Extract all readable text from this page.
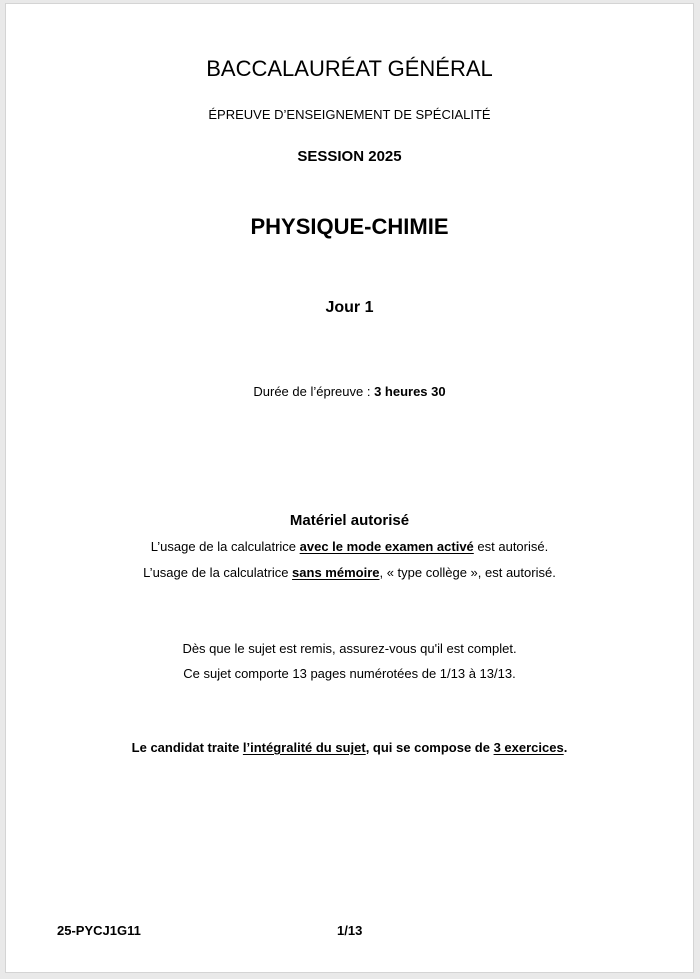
BACCALAURÉAT GÉNÉRAL
ÉPREUVE D’ENSEIGNEMENT DE SPÉCIALITÉ
SESSION 2025
PHYSIQUE-CHIMIE
Jour 1
Durée de l’épreuve : 3 heures 30
Matériel autorisé
L’usage de la calculatrice avec le mode examen activé est autorisé.
L’usage de la calculatrice sans mémoire, « type collège », est autorisé.
Dès que le sujet est remis, assurez-vous qu'il est complet.
Ce sujet comporte 13 pages numérotées de 1/13 à 13/13.
Le candidat traite l’intégralité du sujet, qui se compose de 3 exercices.
25-PYCJ1G11	1/13
